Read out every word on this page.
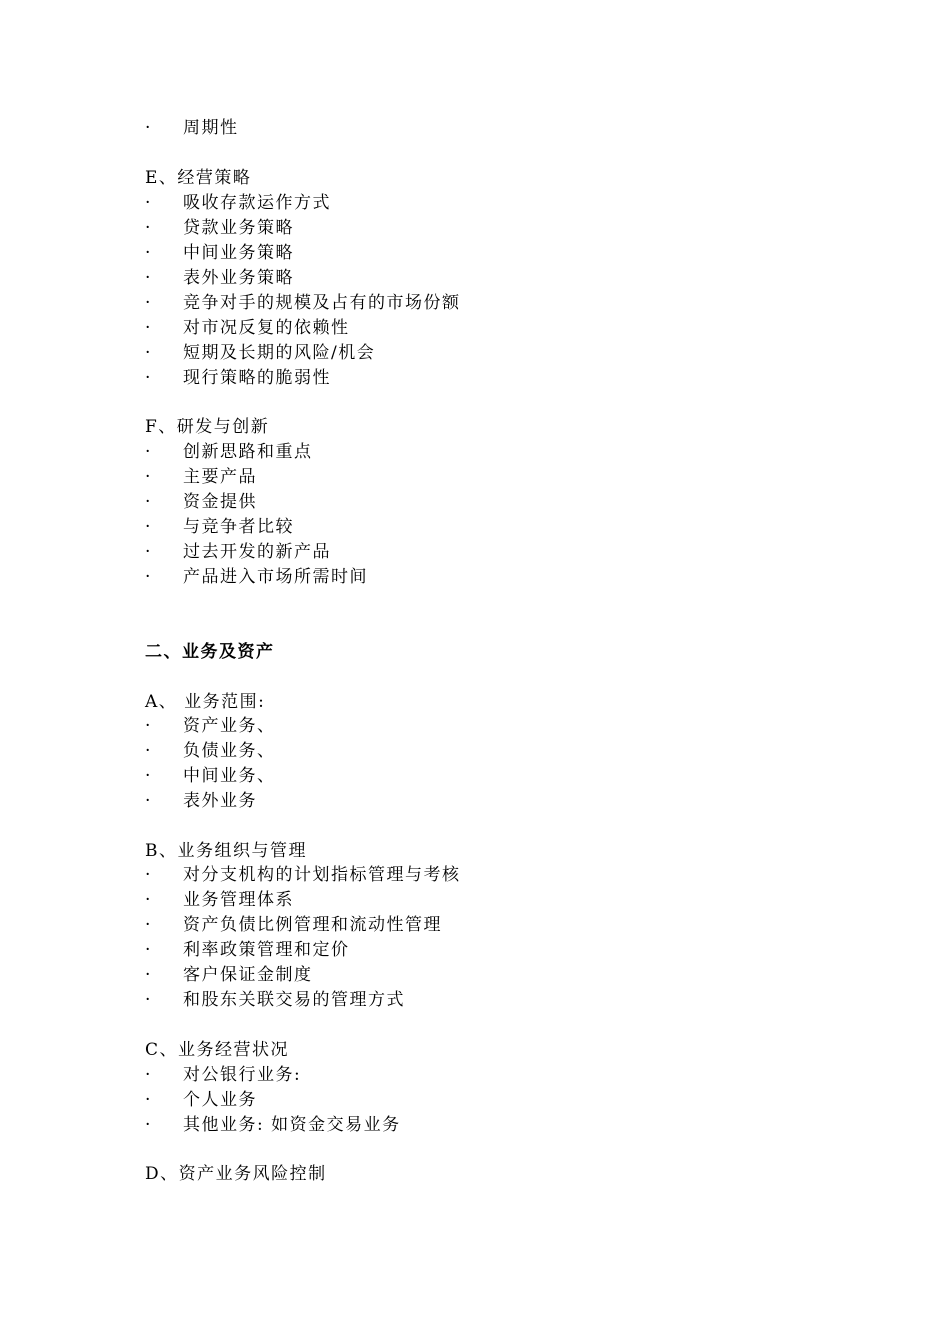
· 周期性
E、经营策略
· 吸收存款运作方式
· 贷款业务策略
· 中间业务策略
· 表外业务策略
· 竞争对手的规模及占有的市场份额
· 对市况反复的依赖性
· 短期及长期的风险/机会
· 现行策略的脆弱性
F、研发与创新
· 创新思路和重点
· 主要产品
· 资金提供
· 与竞争者比较
· 过去开发的新产品
· 产品进入市场所需时间
二、业务及资产
A、 业务范围:
· 资产业务、
· 负债业务、
· 中间业务、
· 表外业务
B、业务组织与管理
· 对分支机构的计划指标管理与考核
· 业务管理体系
· 资产负债比例管理和流动性管理
· 利率政策管理和定价
· 客户保证金制度
· 和股东关联交易的管理方式
C、业务经营状况
· 对公银行业务:
· 个人业务
· 其他业务: 如资金交易业务
D、资产业务风险控制
